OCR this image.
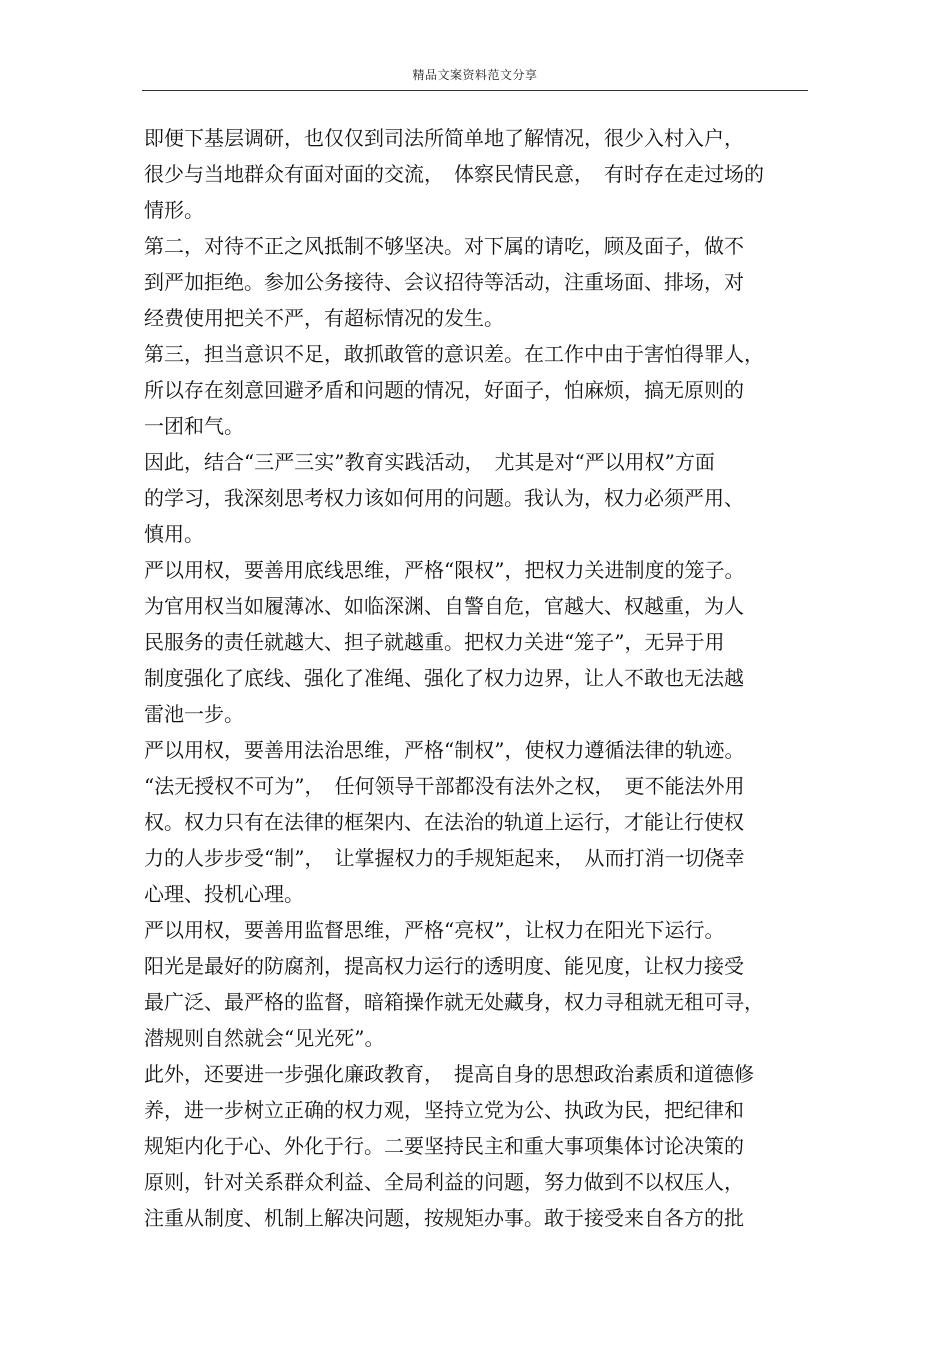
精品文案资料范文分享
即便下基层调研，也仅仅到司法所简单地了解情况，很少入村入户，
很少与当地群众有面对面的交流，　体察民情民意，　有时存在走过场的
情形。
第二，对待不正之风抵制不够坚决。对下属的请吃，顾及面子，做不
到严加拒绝。参加公务接待、会议招待等活动，注重场面、排场，对
经费使用把关不严，有超标情况的发生。
第三，担当意识不足，敢抓敢管的意识差。在工作中由于害怕得罪人，
所以存在刻意回避矛盾和问题的情况，好面子，怕麻烦，搞无原则的
一团和气。
因此，结合“三严三实”教育实践活动，　尤其是对“严以用权”方面
的学习，我深刻思考权力该如何用的问题。我认为，权力必须严用、
慎用。
严以用权，要善用底线思维，严格“限权”，把权力关进制度的笼子。
为官用权当如履薄冰、如临深渊、自警自危，官越大、权越重，为人
民服务的责任就越大、担子就越重。把权力关进“笼子”，无异于用
制度强化了底线、强化了准绳、强化了权力边界，让人不敢也无法越
雷池一步。
严以用权，要善用法治思维，严格“制权”，使权力遵循法律的轨迹。
“法无授权不可为”，　任何领导干部都没有法外之权，　更不能法外用
权。权力只有在法律的框架内、在法治的轨道上运行，才能让行使权
力的人步步受“制”，　让掌握权力的手规矩起来，　从而打消一切侥幸
心理、投机心理。
严以用权，要善用监督思维，严格“亮权”，让权力在阳光下运行。
阳光是最好的防腐剂，提高权力运行的透明度、能见度，让权力接受
最广泛、最严格的监督，暗箱操作就无处藏身，权力寻租就无租可寻，
潜规则自然就会“见光死”。
此外，还要进一步强化廉政教育，　提高自身的思想政治素质和道德修
养，进一步树立正确的权力观，坚持立党为公、执政为民，把纪律和
规矩内化于心、外化于行。二要坚持民主和重大事项集体讨论决策的
原则，针对关系群众利益、全局利益的问题，努力做到不以权压人，
注重从制度、机制上解决问题，按规矩办事。敢于接受来自各方的批
